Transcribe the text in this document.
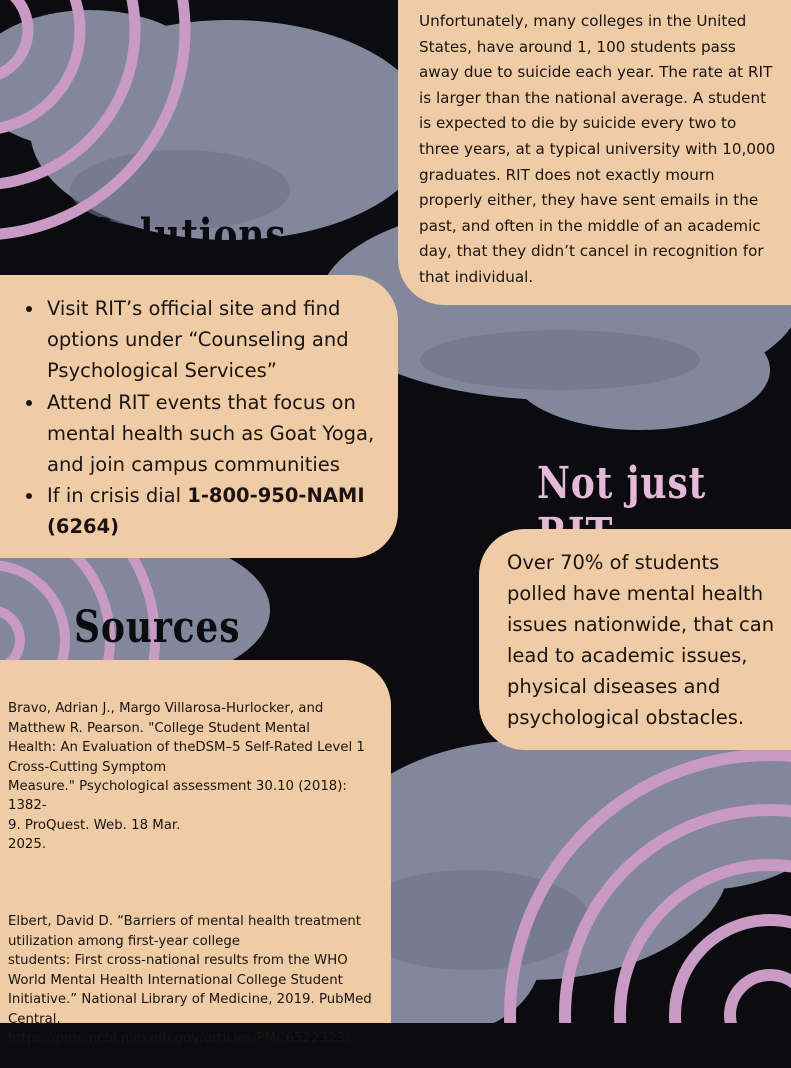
Unfortunately, many colleges in the United States, have around 1, 100 students pass away due to suicide each year. The rate at RIT is larger than the national average. A student is expected to die by suicide every two to three years, at a typical university with 10,000 graduates. RIT does not exactly mourn properly either, they have sent emails in the past, and often in the middle of an academic day, that they didn’t cancel in recognition for that individual.
Solutions
• Visit RIT’s official site and find options under “Counseling and Psychological Services”
• Attend RIT events that focus on mental health such as Goat Yoga, and join campus communities
• If in crisis dial 1-800-950-NAMI (6264)
Not just
Over 70% of students polled have mental health issues nationwide, that can lead to academic issues, physical diseases and psychological obstacles.
Sources

Bravo, Adrian J., Margo Villarosa-Hurlocker, and
Matthew R. Pearson. "College Student Mental
Health: An Evaluation of theDSM–5 Self-Rated Level 1
Cross-Cutting Symptom
Measure." Psychological assessment 30.10 (2018): 1382-
9. ProQuest. Web. 18 Mar.
2025.

Elbert, David D. “Barriers of mental health treatment
utilization among first-year college
students: First cross-national results from the WHO
World Mental Health International College Student
Initiative.” National Library of Medicine, 2019. PubMed
Central,
https://pmc.ncbi.nlm.nih.gov/articles/PMC6522323/.
